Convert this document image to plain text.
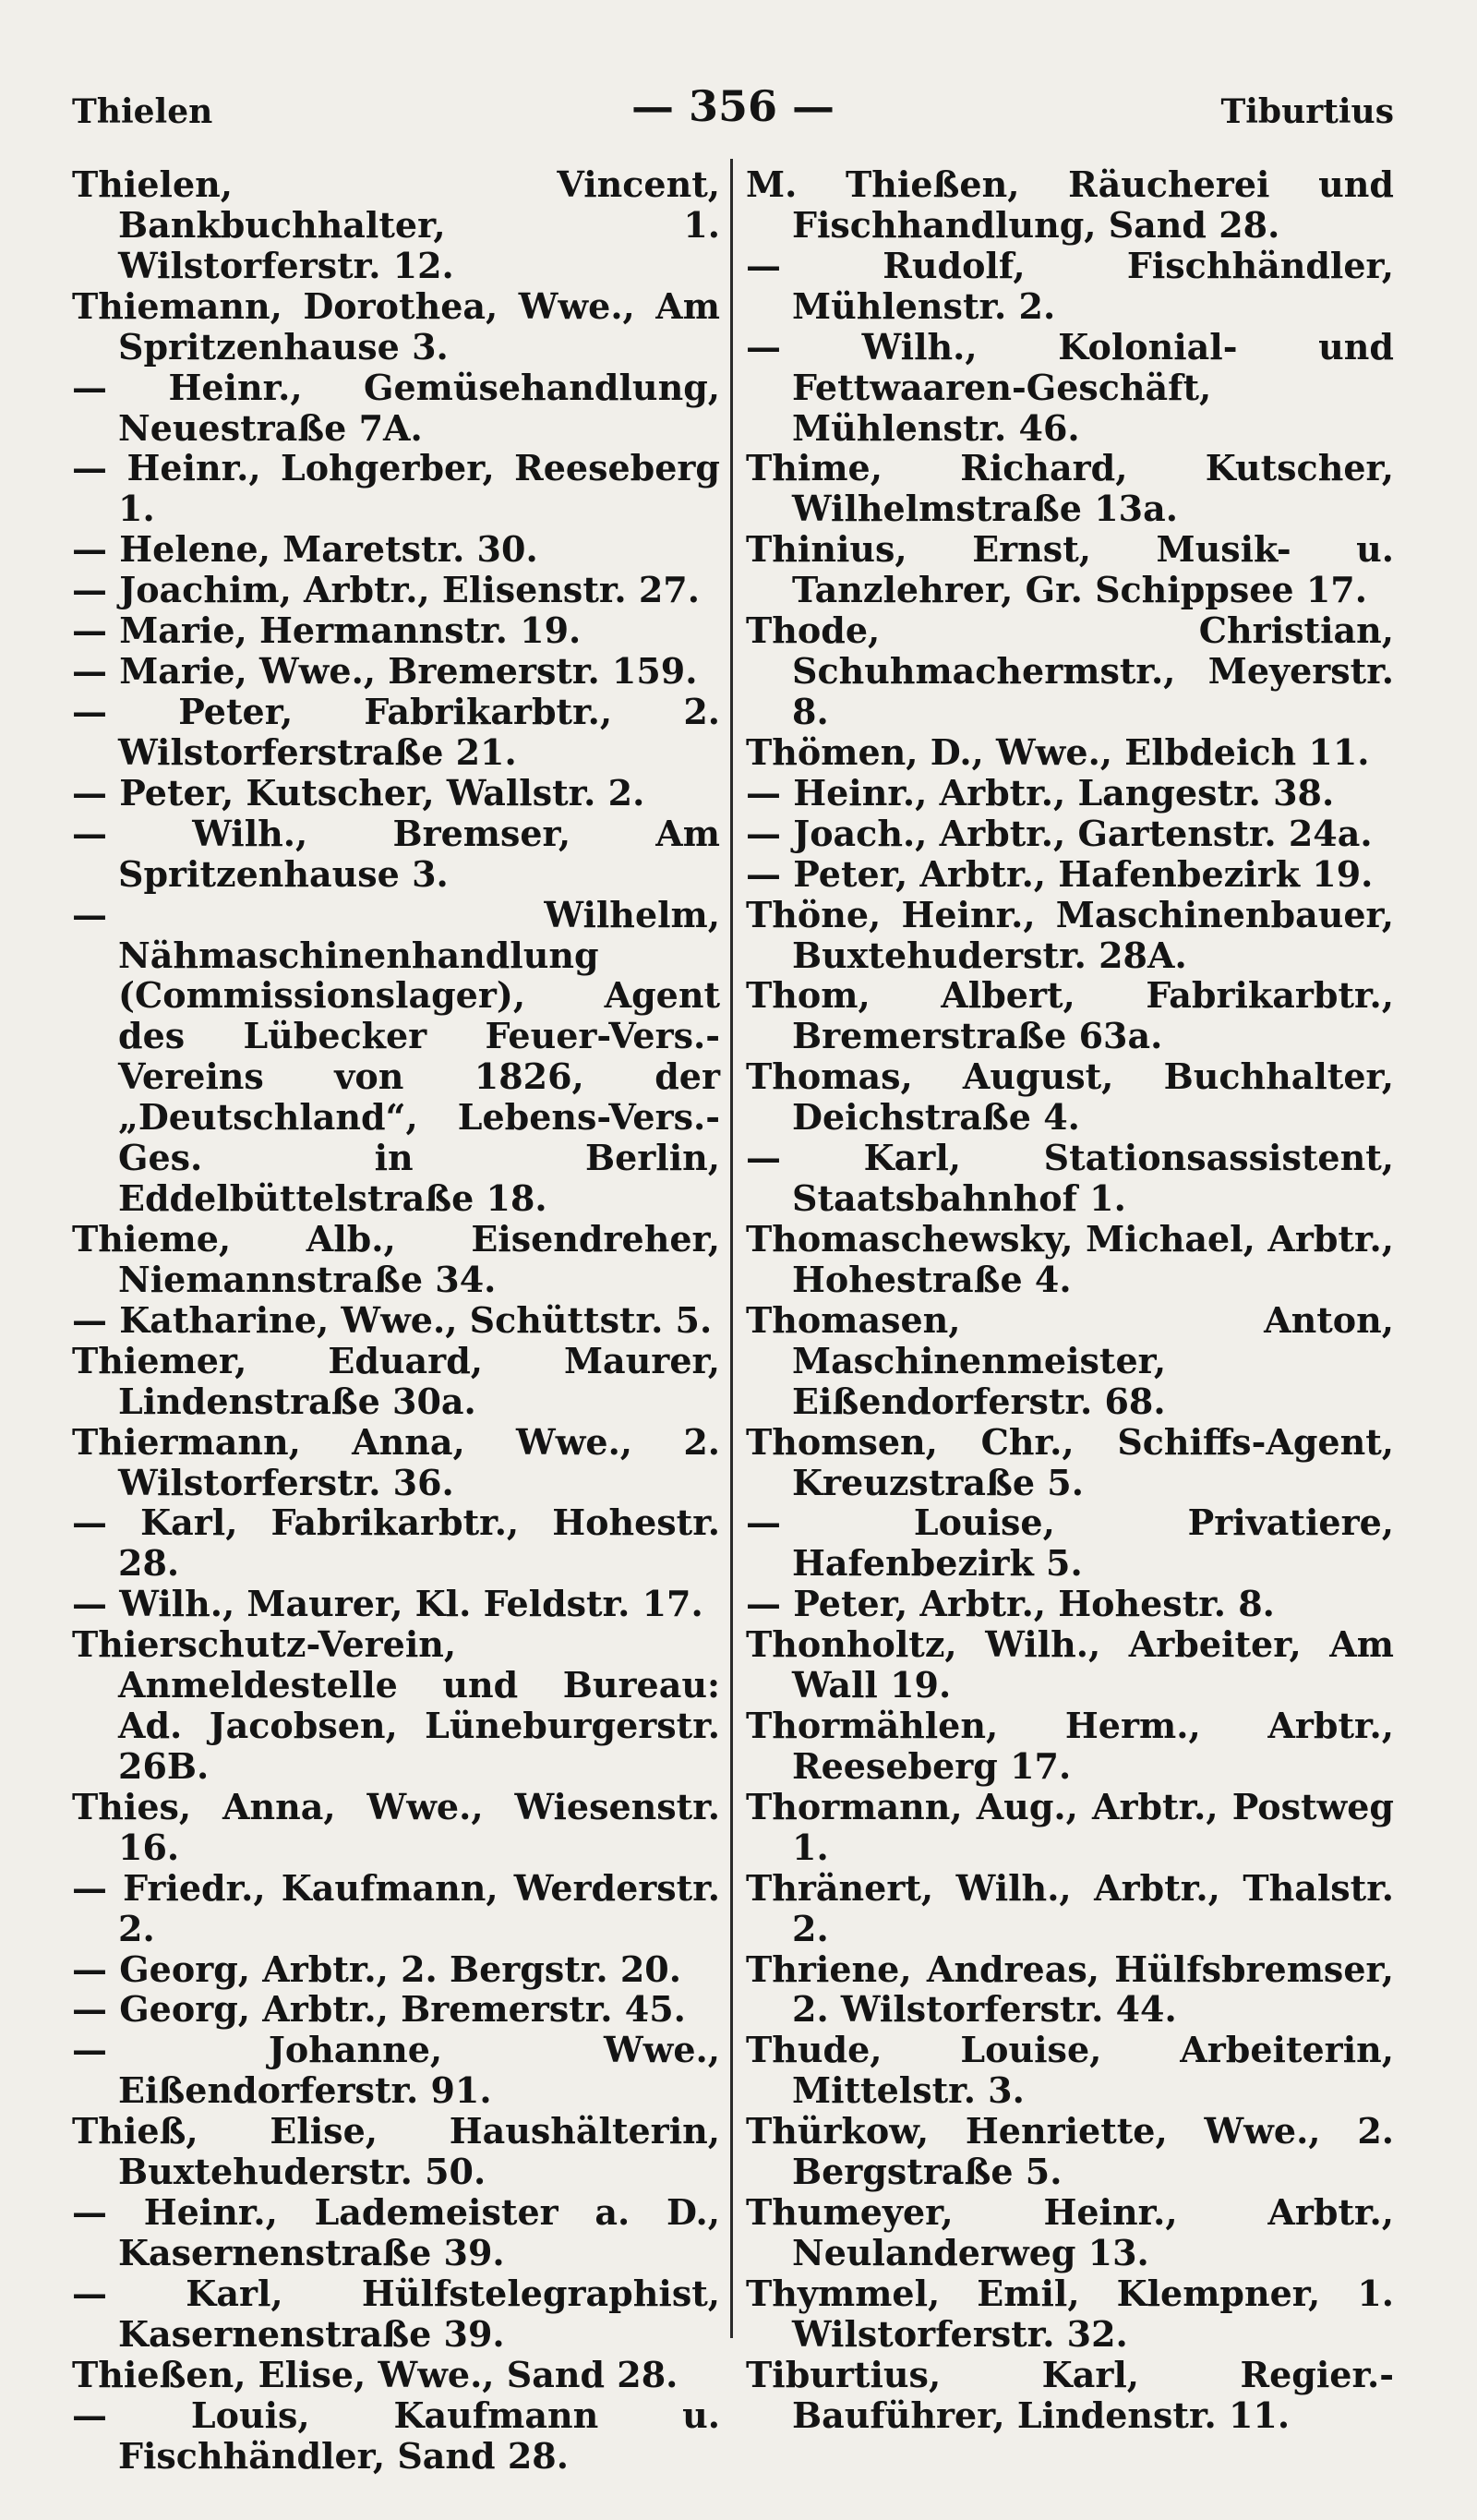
Thielen	— 356 —	Tiburtius

Thielen, Vincent, Bankbuchhalter, 1. Wilstorferstr. 12.

Thiemann, Dorothea, Wwe., Am Spritzenhause 3.

— Heinr., Gemüsehandlung, Neuestraße 7A.

— Heinr., Lohgerber, Reeseberg 1.

— Helene, Maretstr. 30.

— Joachim, Arbtr., Elisenstr. 27.

— Marie, Hermannstr. 19.

— Marie, Wwe., Bremerstr. 159.

— Peter, Fabrikarbtr., 2. Wilstorferstraße 21.

— Peter, Kutscher, Wallstr. 2.

— Wilh., Bremser, Am Spritzenhause 3.

— Wilhelm, Nähmaschinenhandlung (Commissionslager), Agent des Lübecker Feuer-Vers.-Vereins von 1826, der „Deutschland“, Lebens-Vers.-Ges. in Berlin, Eddelbüttelstraße 18.

Thieme, Alb., Eisendreher, Niemannstraße 34.

— Katharine, Wwe., Schüttstr. 5.

Thiemer, Eduard, Maurer, Lindenstraße 30a.

Thiermann, Anna, Wwe., 2. Wilstorferstr. 36.

— Karl, Fabrikarbtr., Hohestr. 28.

— Wilh., Maurer, Kl. Feldstr. 17.

Thierschutz-Verein, Anmeldestelle und Bureau: Ad. Jacobsen, Lüneburgerstr. 26B.

Thies, Anna, Wwe., Wiesenstr. 16.

— Friedr., Kaufmann, Werderstr. 2.

— Georg, Arbtr., 2. Bergstr. 20.

— Georg, Arbtr., Bremerstr. 45.

— Johanne, Wwe., Eißendorferstr. 91.

Thieß, Elise, Haushälterin, Buxtehuderstr. 50.

— Heinr., Lademeister a. D., Kasernenstraße 39.

— Karl, Hülfstelegraphist, Kasernenstraße 39.

Thießen, Elise, Wwe., Sand 28.

— Louis, Kaufmann u. Fischhändler, Sand 28.

M. Thießen, Räucherei und Fischhandlung, Sand 28.

— Rudolf, Fischhändler, Mühlenstr. 2.

— Wilh., Kolonial- und Fettwaaren-Geschäft, Mühlenstr. 46.

Thime, Richard, Kutscher, Wilhelmstraße 13a.

Thinius, Ernst, Musik- u. Tanzlehrer, Gr. Schippsee 17.

Thode, Christian, Schuhmachermstr., Meyerstr. 8.

Thömen, D., Wwe., Elbdeich 11.

— Heinr., Arbtr., Langestr. 38.

— Joach., Arbtr., Gartenstr. 24a.

— Peter, Arbtr., Hafenbezirk 19.

Thöne, Heinr., Maschinenbauer, Buxtehuderstr. 28A.

Thom, Albert, Fabrikarbtr., Bremerstraße 63a.

Thomas, August, Buchhalter, Deichstraße 4.

— Karl, Stationsassistent, Staatsbahnhof 1.

Thomaschewsky, Michael, Arbtr., Hohestraße 4.

Thomasen, Anton, Maschinenmeister, Eißendorferstr. 68.

Thomsen, Chr., Schiffs-Agent, Kreuzstraße 5.

— Louise, Privatiere, Hafenbezirk 5.

— Peter, Arbtr., Hohestr. 8.

Thonholtz, Wilh., Arbeiter, Am Wall 19.

Thormählen, Herm., Arbtr., Reeseberg 17.

Thormann, Aug., Arbtr., Postweg 1.

Thränert, Wilh., Arbtr., Thalstr. 2.

Thriene, Andreas, Hülfsbremser, 2. Wilstorferstr. 44.

Thude, Louise, Arbeiterin, Mittelstr. 3.

Thürkow, Henriette, Wwe., 2. Bergstraße 5.

Thumeyer, Heinr., Arbtr., Neulanderweg 13.

Thymmel, Emil, Klempner, 1. Wilstorferstr. 32.

Tiburtius, Karl, Regier.-Bauführer, Lindenstr. 11.
